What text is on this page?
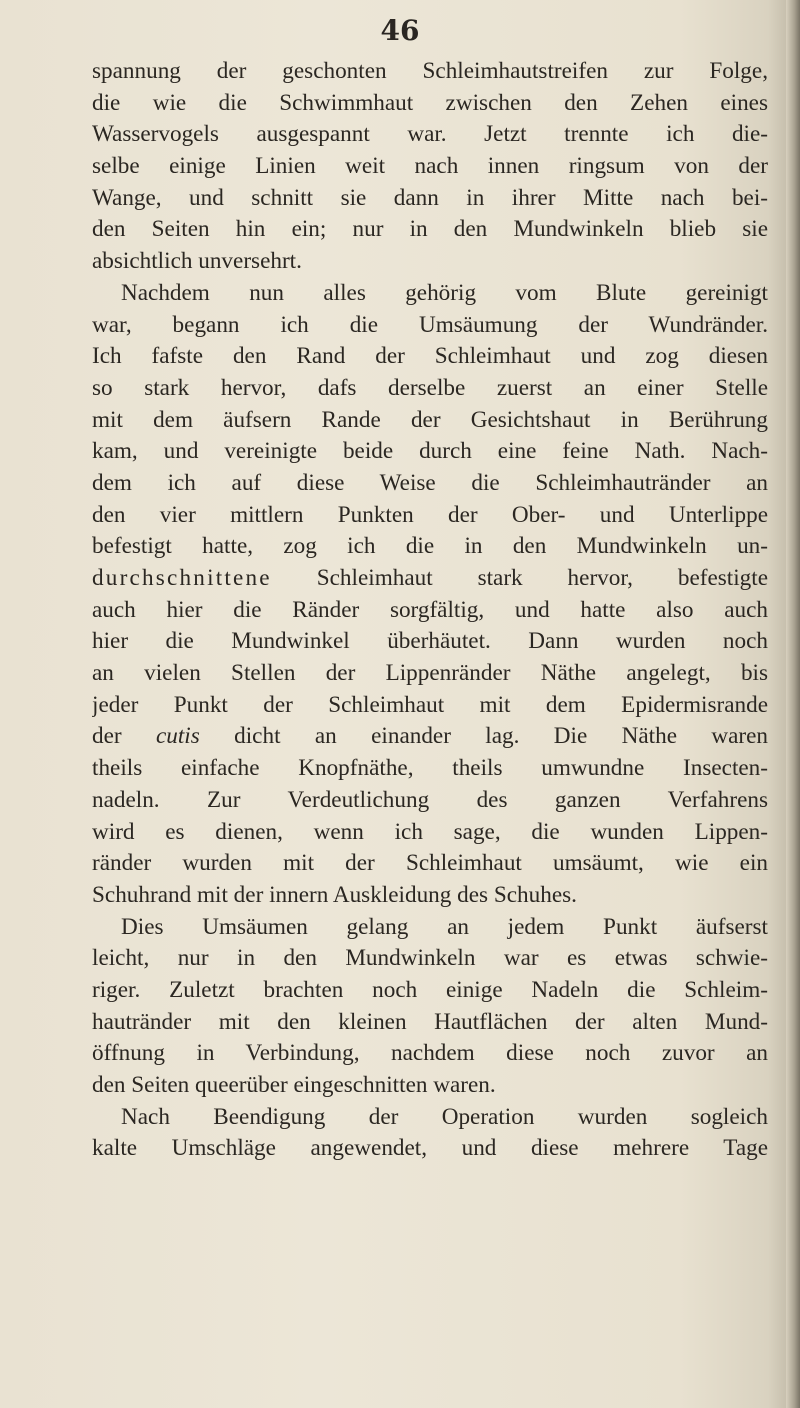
46
spannung der geschonten Schleimhautstreifen zur Folge,
die wie die Schwimmhaut zwischen den Zehen eines
Wasservogels ausgespannt war. Jetzt trennte ich die-
selbe einige Linien weit nach innen ringsum von der
Wange, und schnitt sie dann in ihrer Mitte nach bei-
den Seiten hin ein; nur in den Mundwinkeln blieb sie
absichtlich unversehrt.
Nachdem nun alles gehörig vom Blute gereinigt
war, begann ich die Umsäumung der Wundränder.
Ich fafste den Rand der Schleimhaut und zog diesen
so stark hervor, dafs derselbe zuerst an einer Stelle
mit dem äufsern Rande der Gesichtshaut in Berührung
kam, und vereinigte beide durch eine feine Nath. Nach-
dem ich auf diese Weise die Schleimhautränder an
den vier mittlern Punkten der Ober- und Unterlippe
befestigt hatte, zog ich die in den Mundwinkeln un-
durchschnittene Schleimhaut stark hervor, befestigte
auch hier die Ränder sorgfältig, und hatte also auch
hier die Mundwinkel überhäutet. Dann wurden noch
an vielen Stellen der Lippenränder Näthe angelegt, bis
jeder Punkt der Schleimhaut mit dem Epidermisrande
der cutis dicht an einander lag. Die Näthe waren
theils einfache Knopfnäthe, theils umwundne Insecten-
nadeln. Zur Verdeutlichung des ganzen Verfahrens
wird es dienen, wenn ich sage, die wunden Lippen-
ränder wurden mit der Schleimhaut umsäumt, wie ein
Schuhrand mit der innern Auskleidung des Schuhes.
Dies Umsäumen gelang an jedem Punkt äufserst
leicht, nur in den Mundwinkeln war es etwas schwie-
riger. Zuletzt brachten noch einige Nadeln die Schleim-
hautränder mit den kleinen Hautflächen der alten Mund-
öffnung in Verbindung, nachdem diese noch zuvor an
den Seiten queerüber eingeschnitten waren.
Nach Beendigung der Operation wurden sogleich
kalte Umschläge angewendet, und diese mehrere Tage
